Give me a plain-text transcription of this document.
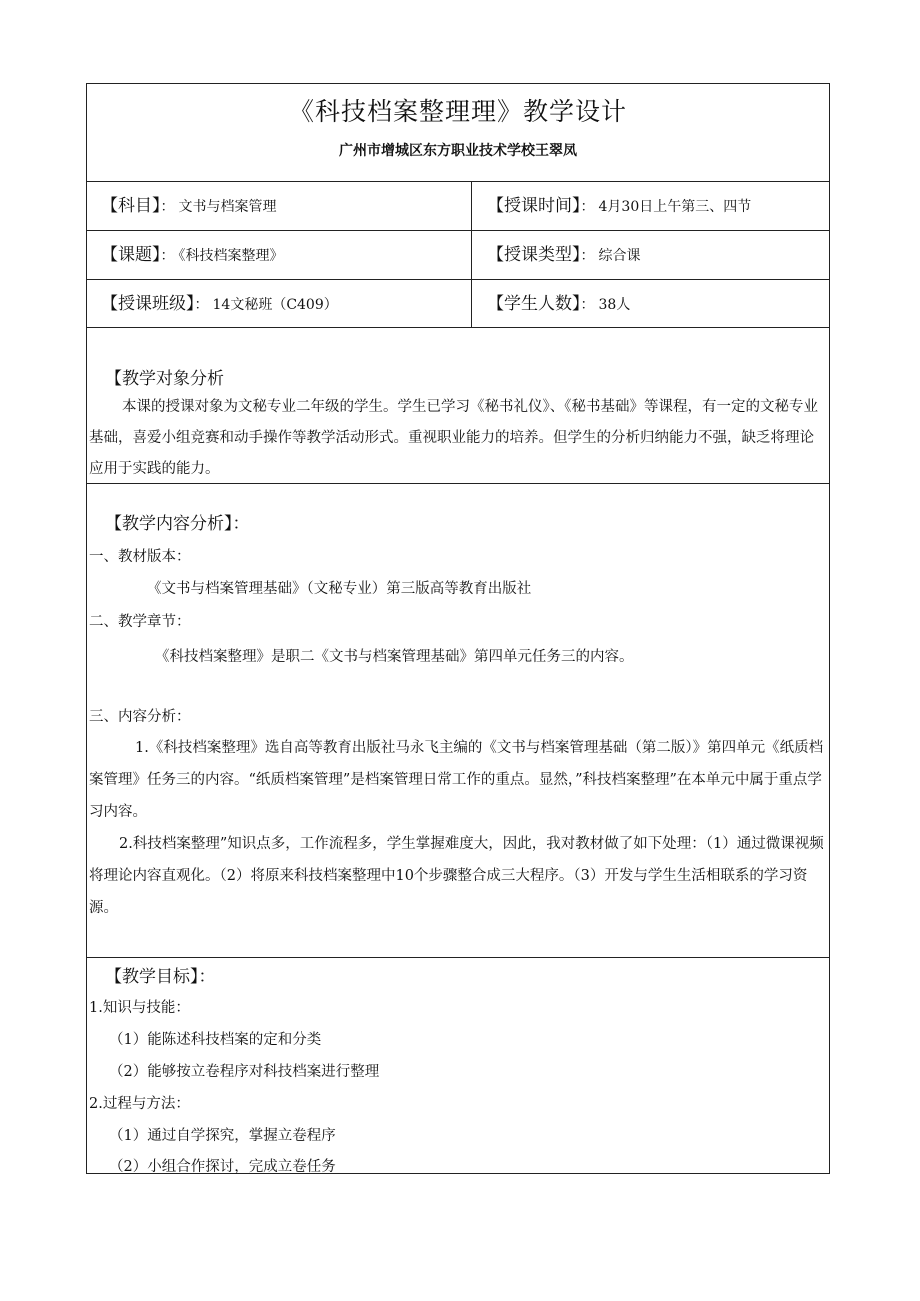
《科技档案整理理》教学设计
广州市增城区东方职业技术学校王翠凤
【科目】： 文书与档案管理	【授课时间】： 4月30日上午第三、四节
【课题】： 《科技档案整理》	【授课类型】： 综合课
【授课班级】： 14文秘班（C409）	【学生人数】： 38人
【教学对象分析
本课的授课对象为文秘专业二年级的学生。学生已学习《秘书礼仪》、《秘书基础》等课程，有一定的文秘专业基础，喜爱小组竞赛和动手操作等教学活动形式。重视职业能力的培养。但学生的分析归纳能力不强，缺乏将理论应用于实践的能力。
【教学内容分析】：
一、教材版本：
《文书与档案管理基础》（文秘专业）第三版高等教育出版社
二、教学章节：
《科技档案整理》是职二《文书与档案管理基础》第四单元任务三的内容。
三、内容分析：
1.《科技档案整理》选自高等教育出版社马永飞主编的《文书与档案管理基础（第二版）》第四单元《纸质档案管理》任务三的内容。“纸质档案管理”是档案管理日常工作的重点。显然，”科技档案整理”在本单元中属于重点学习内容。
2.科技档案整理”知识点多，工作流程多，学生掌握难度大，因此，我对教材做了如下处理：（1）通过微课视频将理论内容直观化。（2）将原来科技档案整理中10个步骤整合成三大程序。（3）开发与学生生活相联系的学习资源。
【教学目标】：
1.知识与技能：
（1）能陈述科技档案的定和分类
（2）能够按立卷程序对科技档案进行整理
2.过程与方法：
（1）通过自学探究，掌握立卷程序
（2）小组合作探讨，完成立卷任务
